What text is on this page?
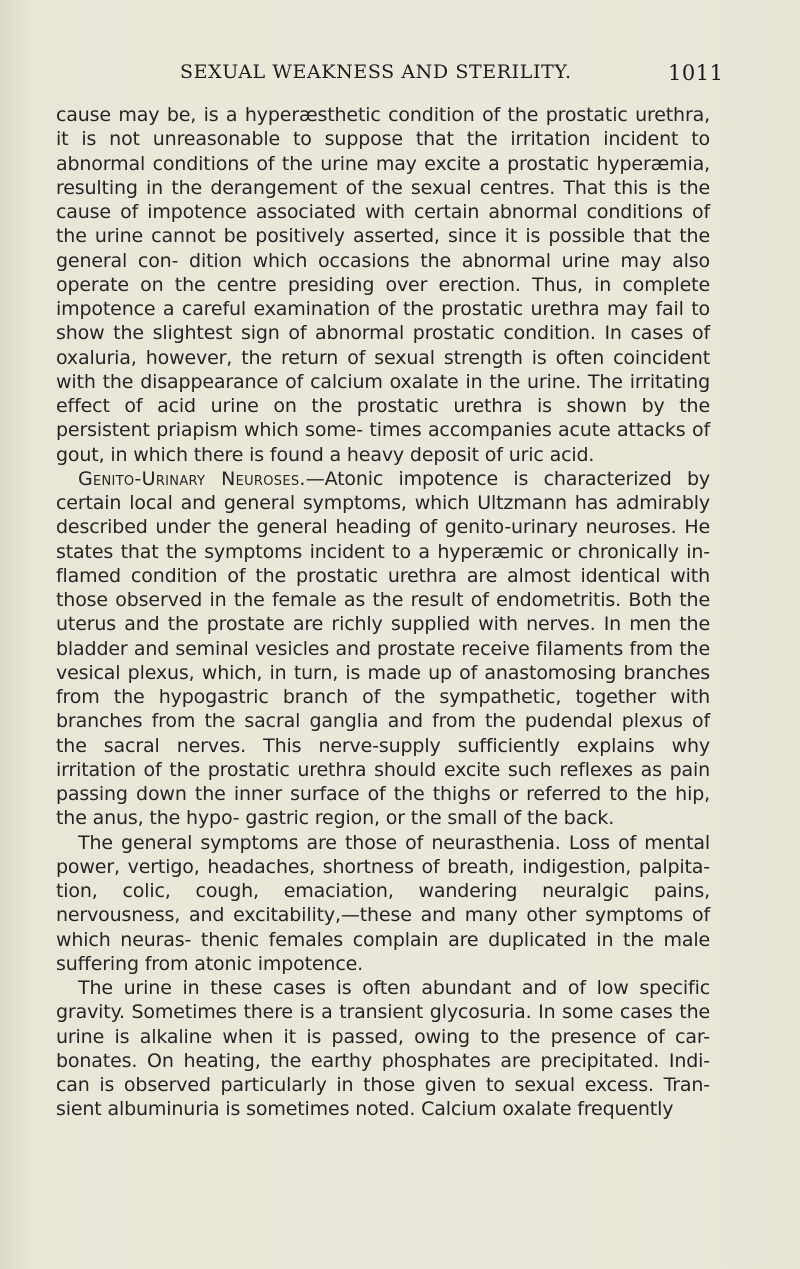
SEXUAL WEAKNESS AND STERILITY.	1011

cause may be, is a hyperæsthetic condition of the prostatic urethra, it is not unreasonable to suppose that the irritation incident to abnormal conditions of the urine may excite a prostatic hyperæmia, resulting in the derangement of the sexual centres. That this is the cause of impotence associated with certain abnormal conditions of the urine cannot be positively asserted, since it is possible that the general con- dition which occasions the abnormal urine may also operate on the centre presiding over erection. Thus, in complete impotence a careful examination of the prostatic urethra may fail to show the slightest sign of abnormal prostatic condition. In cases of oxaluria, however, the return of sexual strength is often coincident with the disappearance of calcium oxalate in the urine. The irritating effect of acid urine on the prostatic urethra is shown by the persistent priapism which some- times accompanies acute attacks of gout, in which there is found a heavy deposit of uric acid.

Genito-Urinary Neuroses.—Atonic impotence is characterized by certain local and general symptoms, which Ultzmann has admirably described under the general heading of genito-urinary neuroses. He states that the symptoms incident to a hyperæmic or chronically in- flamed condition of the prostatic urethra are almost identical with those observed in the female as the result of endometritis. Both the uterus and the prostate are richly supplied with nerves. In men the bladder and seminal vesicles and prostate receive filaments from the vesical plexus, which, in turn, is made up of anastomosing branches from the hypogastric branch of the sympathetic, together with branches from the sacral ganglia and from the pudendal plexus of the sacral nerves. This nerve-supply sufficiently explains why irritation of the prostatic urethra should excite such reflexes as pain passing down the inner surface of the thighs or referred to the hip, the anus, the hypo- gastric region, or the small of the back.

The general symptoms are those of neurasthenia. Loss of mental power, vertigo, headaches, shortness of breath, indigestion, palpita- tion, colic, cough, emaciation, wandering neuralgic pains, nervousness, and excitability,—these and many other symptoms of which neuras- thenic females complain are duplicated in the male suffering from atonic impotence.

The urine in these cases is often abundant and of low specific gravity. Sometimes there is a transient glycosuria. In some cases the urine is alkaline when it is passed, owing to the presence of car- bonates. On heating, the earthy phosphates are precipitated. Indi- can is observed particularly in those given to sexual excess. Tran- sient albuminuria is sometimes noted. Calcium oxalate frequently
